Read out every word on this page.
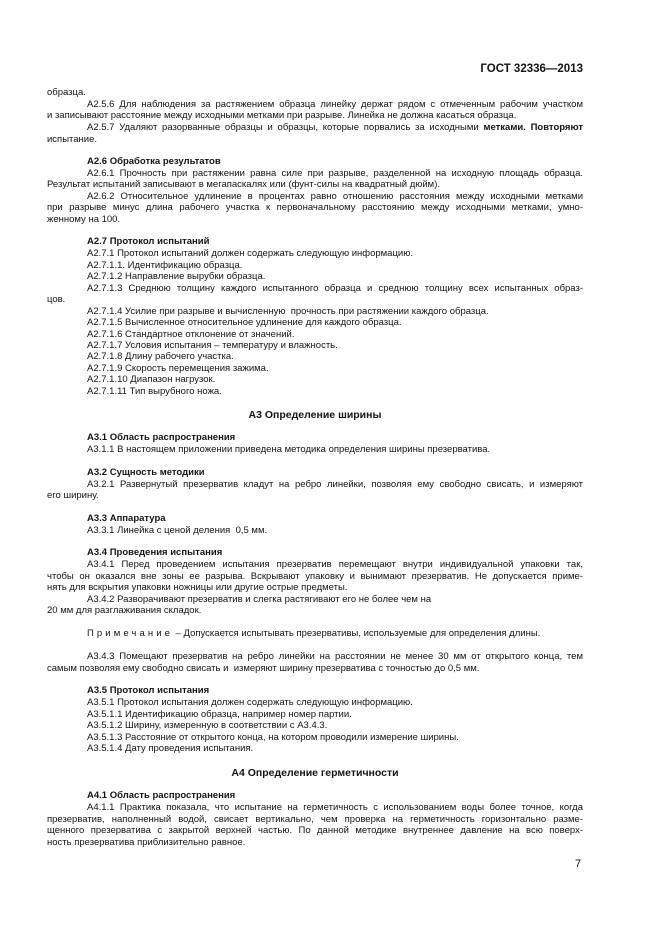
ГОСТ 32336—2013
образца.
А2.5.6 Для наблюдения за растяжением образца линейку держат рядом с отмеченным рабочим участком
и записывают расстояние между исходными метками при разрыве. Линейка не должна касаться образца.
А2.5.7 Удаляют разорванные образцы и образцы, которые порвались за исходными метками. Повторяют
испытание.
А2.6 Обработка результатов
А2.6.1 Прочность при растяжении равна силе при разрыве, разделенной на исходную площадь образца.
Результат испытаний записывают в мегапаскалях или (фунт-силы на квадратный дюйм).
А2.6.2 Относительное удлинение в процентах равно отношению расстояния между исходными метками
при разрыве минус длина рабочего участка к первоначальному расстоянию между исходными метками, умно-
женному на 100.
А2.7 Протокол испытаний
А2.7.1 Протокол испытаний должен содержать следующую информацию.
А2.7.1.1. Идентификацию образца.
А2.7.1.2 Направление вырубки образца.
А2.7.1.3 Среднюю толщину каждого испытанного образца и среднюю толщину всех испытанных образ-
цов.
А2.7.1.4 Усилие при разрыве и вычисленную  прочность при растяжении каждого образца.
А2.7.1.5 Вычисленное относительное удлинение для каждого образца.
А2.7.1.6 Стандартное отклонение от значений.
А2.7.1.7 Условия испытания – температуру и влажность.
А2.7.1.8 Длину рабочего участка.
А2.7.1.9 Скорость перемещения зажима.
А2.7.1.10 Диапазон нагрузок.
А2.7.1.11 Тип вырубного ножа.
А3 Определение ширины
А3.1 Область распространения
А3.1.1 В настоящем приложении приведена методика определения ширины презерватива.
А3.2 Сущность методики
А3.2.1 Развернутый презерватив кладут на ребро линейки, позволяя ему свободно свисать, и измеряют
его ширину.
А3.3 Аппаратура
А3.3.1 Линейка с ценой деления  0,5 мм.
А3.4 Проведения испытания
А3.4.1 Перед проведением испытания презерватив перемещают внутри индивидуальной упаковки так,
чтобы он оказался вне зоны ее разрыва. Вскрывают упаковку и вынимают презерватив. Не допускается приме-
нять для вскрытия упаковки ножницы или другие острые предметы.
А3.4.2 Разворачивают презерватив и слегка растягивают его не более чем на
20 мм для разглаживания складок.
Примечание – Допускается испытывать презервативы, используемые для определения длины.
А3.4.3 Помещают презерватив на ребро линейки на расстоянии не менее 30 мм от открытого конца, тем
самым позволяя ему свободно свисать и  измеряют ширину презерватива с точностью до 0,5 мм.
А3.5 Протокол испытания
А3.5.1 Протокол испытания должен содержать следующую информацию.
А3.5.1.1 Идентификацию образца, например номер партии.
А3.5.1.2 Ширину, измеренную в соответствии с А3.4.3.
А3.5.1.3 Расстояние от открытого конца, на котором проводили измерение ширины.
А3.5.1.4 Дату проведения испытания.
А4 Определение герметичности
А4.1 Область распространения
А4.1.1 Практика показала, что испытание на герметичность с использованием воды более точное, когда
презерватив, наполненный водой, свисает вертикально, чем проверка на герметичность горизонтально разме-
щенного презерватива с закрытой верхней частью. По данной методике внутреннее давление на всю поверх-
ность презерватива приблизительно равное.
7
